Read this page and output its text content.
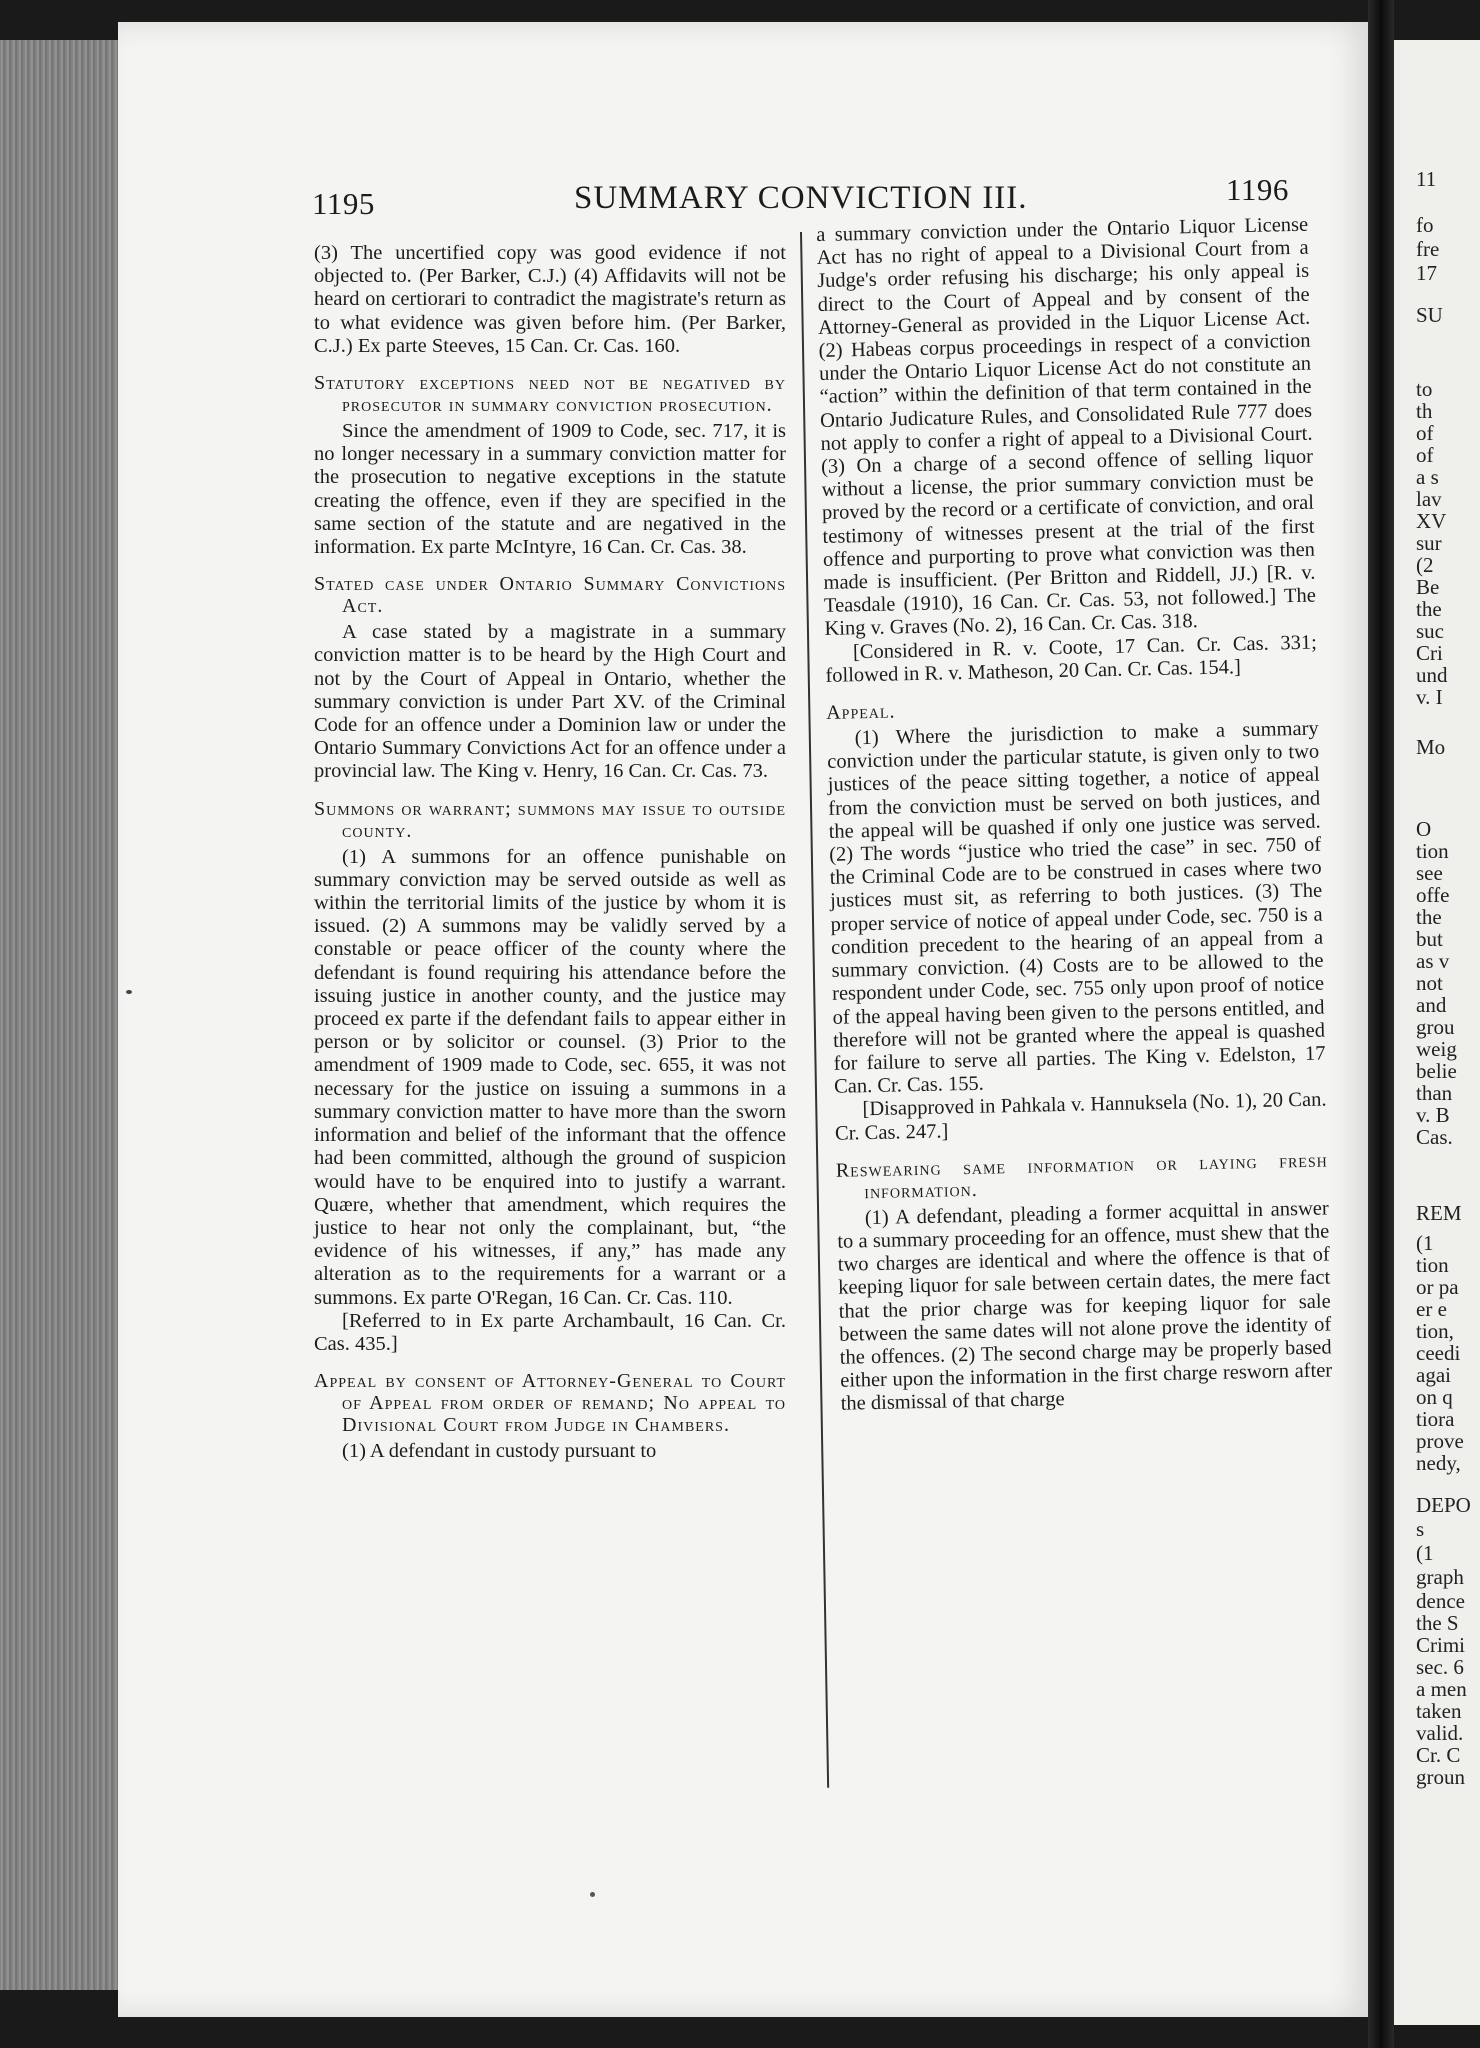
1195	SUMMARY CONVICTION III.	1196

(3) The uncertified copy was good evidence if not objected to. (Per Barker, C.J.) (4) Affidavits will not be heard on certiorari to contradict the magistrate's return as to what evidence was given before him. (Per Barker, C.J.) Ex parte Steeves, 15 Can. Cr. Cas. 160.

Statutory exceptions need not be negatived by prosecutor in summary conviction prosecution.

Since the amendment of 1909 to Code, sec. 717, it is no longer necessary in a summary conviction matter for the prosecution to negative exceptions in the statute creating the offence, even if they are specified in the same section of the statute and are negatived in the information. Ex parte McIntyre, 16 Can. Cr. Cas. 38.

Stated case under Ontario Summary Convictions Act.

A case stated by a magistrate in a summary conviction matter is to be heard by the High Court and not by the Court of Appeal in Ontario, whether the summary conviction is under Part XV. of the Criminal Code for an offence under a Dominion law or under the Ontario Summary Convictions Act for an offence under a provincial law. The King v. Henry, 16 Can. Cr. Cas. 73.

Summons or warrant; summons may issue to outside county.

(1) A summons for an offence punishable on summary conviction may be served outside as well as within the territorial limits of the justice by whom it is issued. (2) A summons may be validly served by a constable or peace officer of the county where the defendant is found requiring his attendance before the issuing justice in another county, and the justice may proceed ex parte if the defendant fails to appear either in person or by solicitor or counsel. (3) Prior to the amendment of 1909 made to Code, sec. 655, it was not necessary for the justice on issuing a summons in a summary conviction matter to have more than the sworn information and belief of the informant that the offence had been committed, although the ground of suspicion would have to be enquired into to justify a warrant. Quære, whether that amendment, which requires the justice to hear not only the complainant, but, “the evidence of his witnesses, if any,” has made any alteration as to the requirements for a warrant or a summons. Ex parte O'Regan, 16 Can. Cr. Cas. 110.

[Referred to in Ex parte Archambault, 16 Can. Cr. Cas. 435.]

Appeal by consent of Attorney-General to Court of Appeal from order of remand; No appeal to Divisional Court from Judge in Chambers.

(1) A defendant in custody pursuant to

a summary conviction under the Ontario Liquor License Act has no right of appeal to a Divisional Court from a Judge's order refusing his discharge; his only appeal is direct to the Court of Appeal and by consent of the Attorney-General as provided in the Liquor License Act. (2) Habeas corpus proceedings in respect of a conviction under the Ontario Liquor License Act do not constitute an “action” within the definition of that term contained in the Ontario Judicature Rules, and Consolidated Rule 777 does not apply to confer a right of appeal to a Divisional Court. (3) On a charge of a second offence of selling liquor without a license, the prior summary conviction must be proved by the record or a certificate of conviction, and oral testimony of witnesses present at the trial of the first offence and purporting to prove what conviction was then made is insufficient. (Per Britton and Riddell, JJ.) [R. v. Teasdale (1910), 16 Can. Cr. Cas. 53, not followed.] The King v. Graves (No. 2), 16 Can. Cr. Cas. 318.

[Considered in R. v. Coote, 17 Can. Cr. Cas. 331; followed in R. v. Matheson, 20 Can. Cr. Cas. 154.]

Appeal.

(1) Where the jurisdiction to make a summary conviction under the particular statute, is given only to two justices of the peace sitting together, a notice of appeal from the conviction must be served on both justices, and the appeal will be quashed if only one justice was served. (2) The words “justice who tried the case” in sec. 750 of the Criminal Code are to be construed in cases where two justices must sit, as referring to both justices. (3) The proper service of notice of appeal under Code, sec. 750 is a condition precedent to the hearing of an appeal from a summary conviction. (4) Costs are to be allowed to the respondent under Code, sec. 755 only upon proof of notice of the appeal having been given to the persons entitled, and therefore will not be granted where the appeal is quashed for failure to serve all parties. The King v. Edelston, 17 Can. Cr. Cas. 155.

[Disapproved in Pahkala v. Hannuksela (No. 1), 20 Can. Cr. Cas. 247.]

Reswearing same information or laying fresh information.

(1) A defendant, pleading a former acquittal in answer to a summary proceeding for an offence, must shew that the two charges are identical and where the offence is that of keeping liquor for sale between certain dates, the mere fact that the prior charge was for keeping liquor for sale between the same dates will not alone prove the identity of the offences. (2) The second charge may be properly based either upon the information in the first charge resworn after the dismissal of that charge

11
fo
fre
17
SU
to
th
of
of
a s
lav
XV
sur
(2
Be
the
suc
Cri
und
v. I
Mo
O
tion
see
offe
the
but
as v
not
and
grou
weig
belie
than
v. B
Cas.
REM
(1
tion
or pa
er e
tion,
ceedi
agai
on q
tiora
prove
nedy,
DEPO
s
(1
graph
dence
the S
Crimi
sec. 6
a men
taken
valid.
Cr. C
groun
